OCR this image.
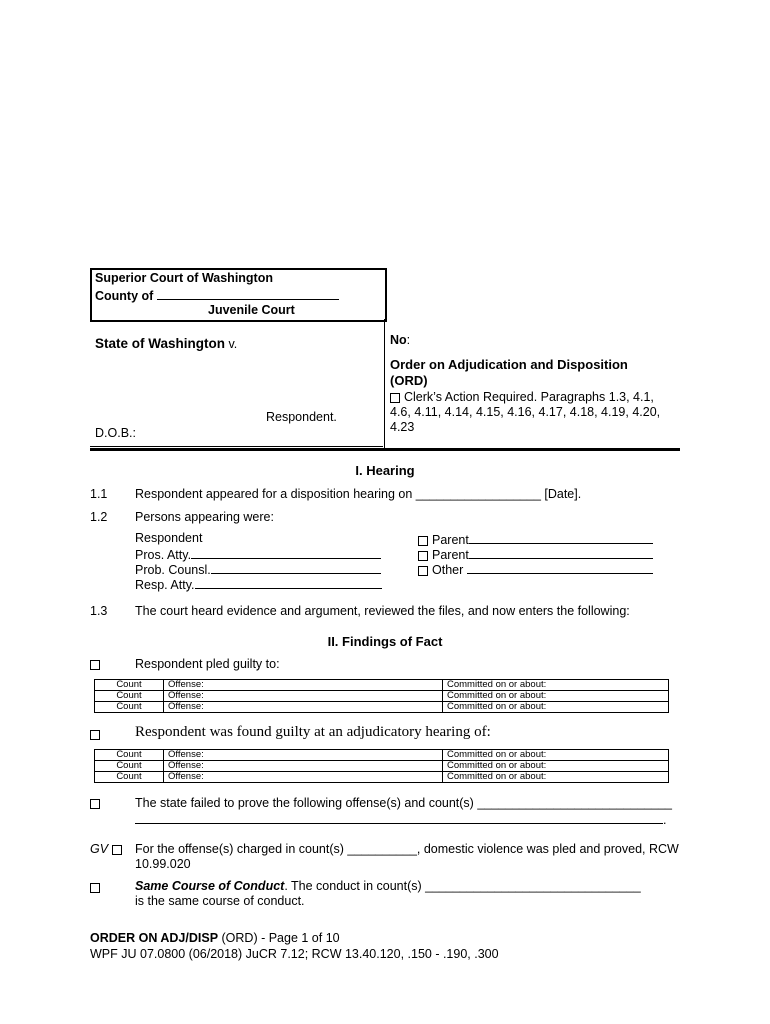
Superior Court of Washington
County of
Juvenile Court
State of Washington v.
Respondent.
D.O.B.:
No:
Order on Adjudication and Disposition
(ORD)
Clerk’s Action Required. Paragraphs 1.3, 4.1,
4.6, 4.11, 4.14, 4.15, 4.16, 4.17, 4.18, 4.19, 4.20,
4.23
I. Hearing
1.1 Respondent appeared for a disposition hearing on __________________ [Date].
1.2 Persons appearing were:
Respondent
Pros. Atty.
Prob. Counsl.
Resp. Atty.
Parent
Parent
Other
1.3 The court heard evidence and argument, reviewed the files, and now enters the following:
II. Findings of Fact
Respondent pled guilty to:
Count	Offense:	Committed on or about:
Count	Offense:	Committed on or about:
Count	Offense:	Committed on or about:
Respondent was found guilty at an adjudicatory hearing of:
Count	Offense:	Committed on or about:
Count	Offense:	Committed on or about:
Count	Offense:	Committed on or about:
The state failed to prove the following offense(s) and count(s) ____________________________
.
GV	For the offense(s) charged in count(s) __________, domestic violence was pled and proved, RCW
10.99.020
Same Course of Conduct. The conduct in count(s) _______________________________
is the same course of conduct.
ORDER ON ADJ/DISP (ORD) - Page 1 of 10
WPF JU 07.0800 (06/2018) JuCR 7.12; RCW 13.40.120, .150 - .190, .300
